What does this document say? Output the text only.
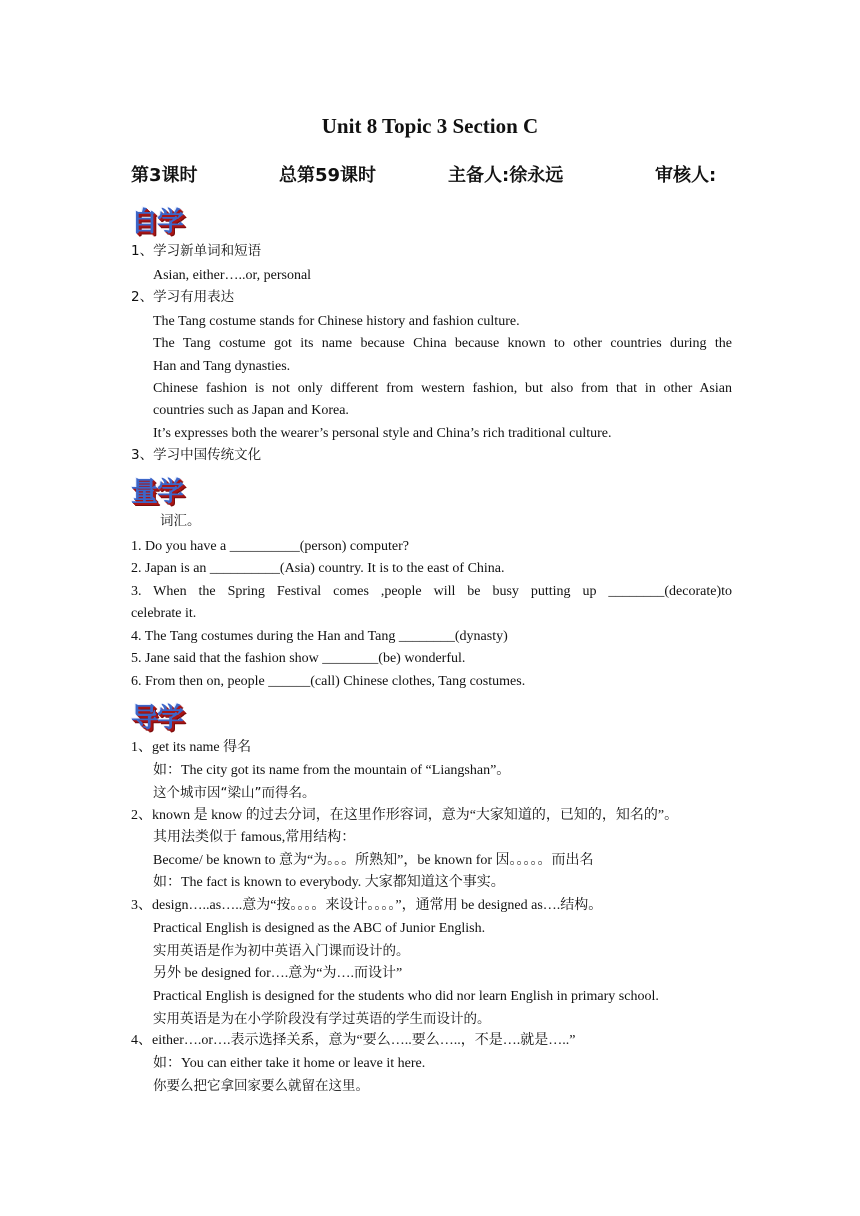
Unit 8 Topic 3 Section C
第3课时	总第59课时	主备人:徐永远	审核人:
自学
1、学习新单词和短语
Asian, either…..or, personal
2、学习有用表达
The Tang costume stands for Chinese history and fashion culture.
The Tang costume got its name because China because known to other countries during the
Han and Tang dynasties.
Chinese fashion is not only different from western fashion, but also from that in other Asian
countries such as Japan and Korea.
It’s expresses both the wearer’s personal style and China’s rich traditional culture.
3、学习中国传统文化
量学
词汇。
1. Do you have a __________(person) computer?
2. Japan is an __________(Asia) country. It is to the east of China.
3. When the Spring Festival comes ,people will be busy putting up ________(decorate)to
celebrate it.
4. The Tang costumes during the Han and Tang ________(dynasty)
5. Jane said that the fashion show ________(be) wonderful.
6. From then on, people ______(call) Chinese clothes, Tang costumes.
导学
1、get its name 得名
如：The city got its name from the mountain of “Liangshan”。
这个城市因“梁山”而得名。
2、known 是 know 的过去分词，在这里作形容词，意为“大家知道的，已知的，知名的”。
其用法类似于 famous,常用结构：
Become/ be known to 意为“为。。。所熟知”，be known for 因。。。。。而出名
如：The fact is known to everybody. 大家都知道这个事实。
3、design…..as…..意为“按。。。。来设计。。。。”，通常用 be designed as….结构。
Practical English is designed as the ABC of Junior English.
实用英语是作为初中英语入门课而设计的。
另外 be designed for….意为“为….而设计”
Practical English is designed for the students who did nor learn English in primary school.
实用英语是为在小学阶段没有学过英语的学生而设计的。
4、either….or….表示选择关系，意为“要么…..要么…..，不是….就是…..”
如：You can either take it home or leave it here.
你要么把它拿回家要么就留在这里。
